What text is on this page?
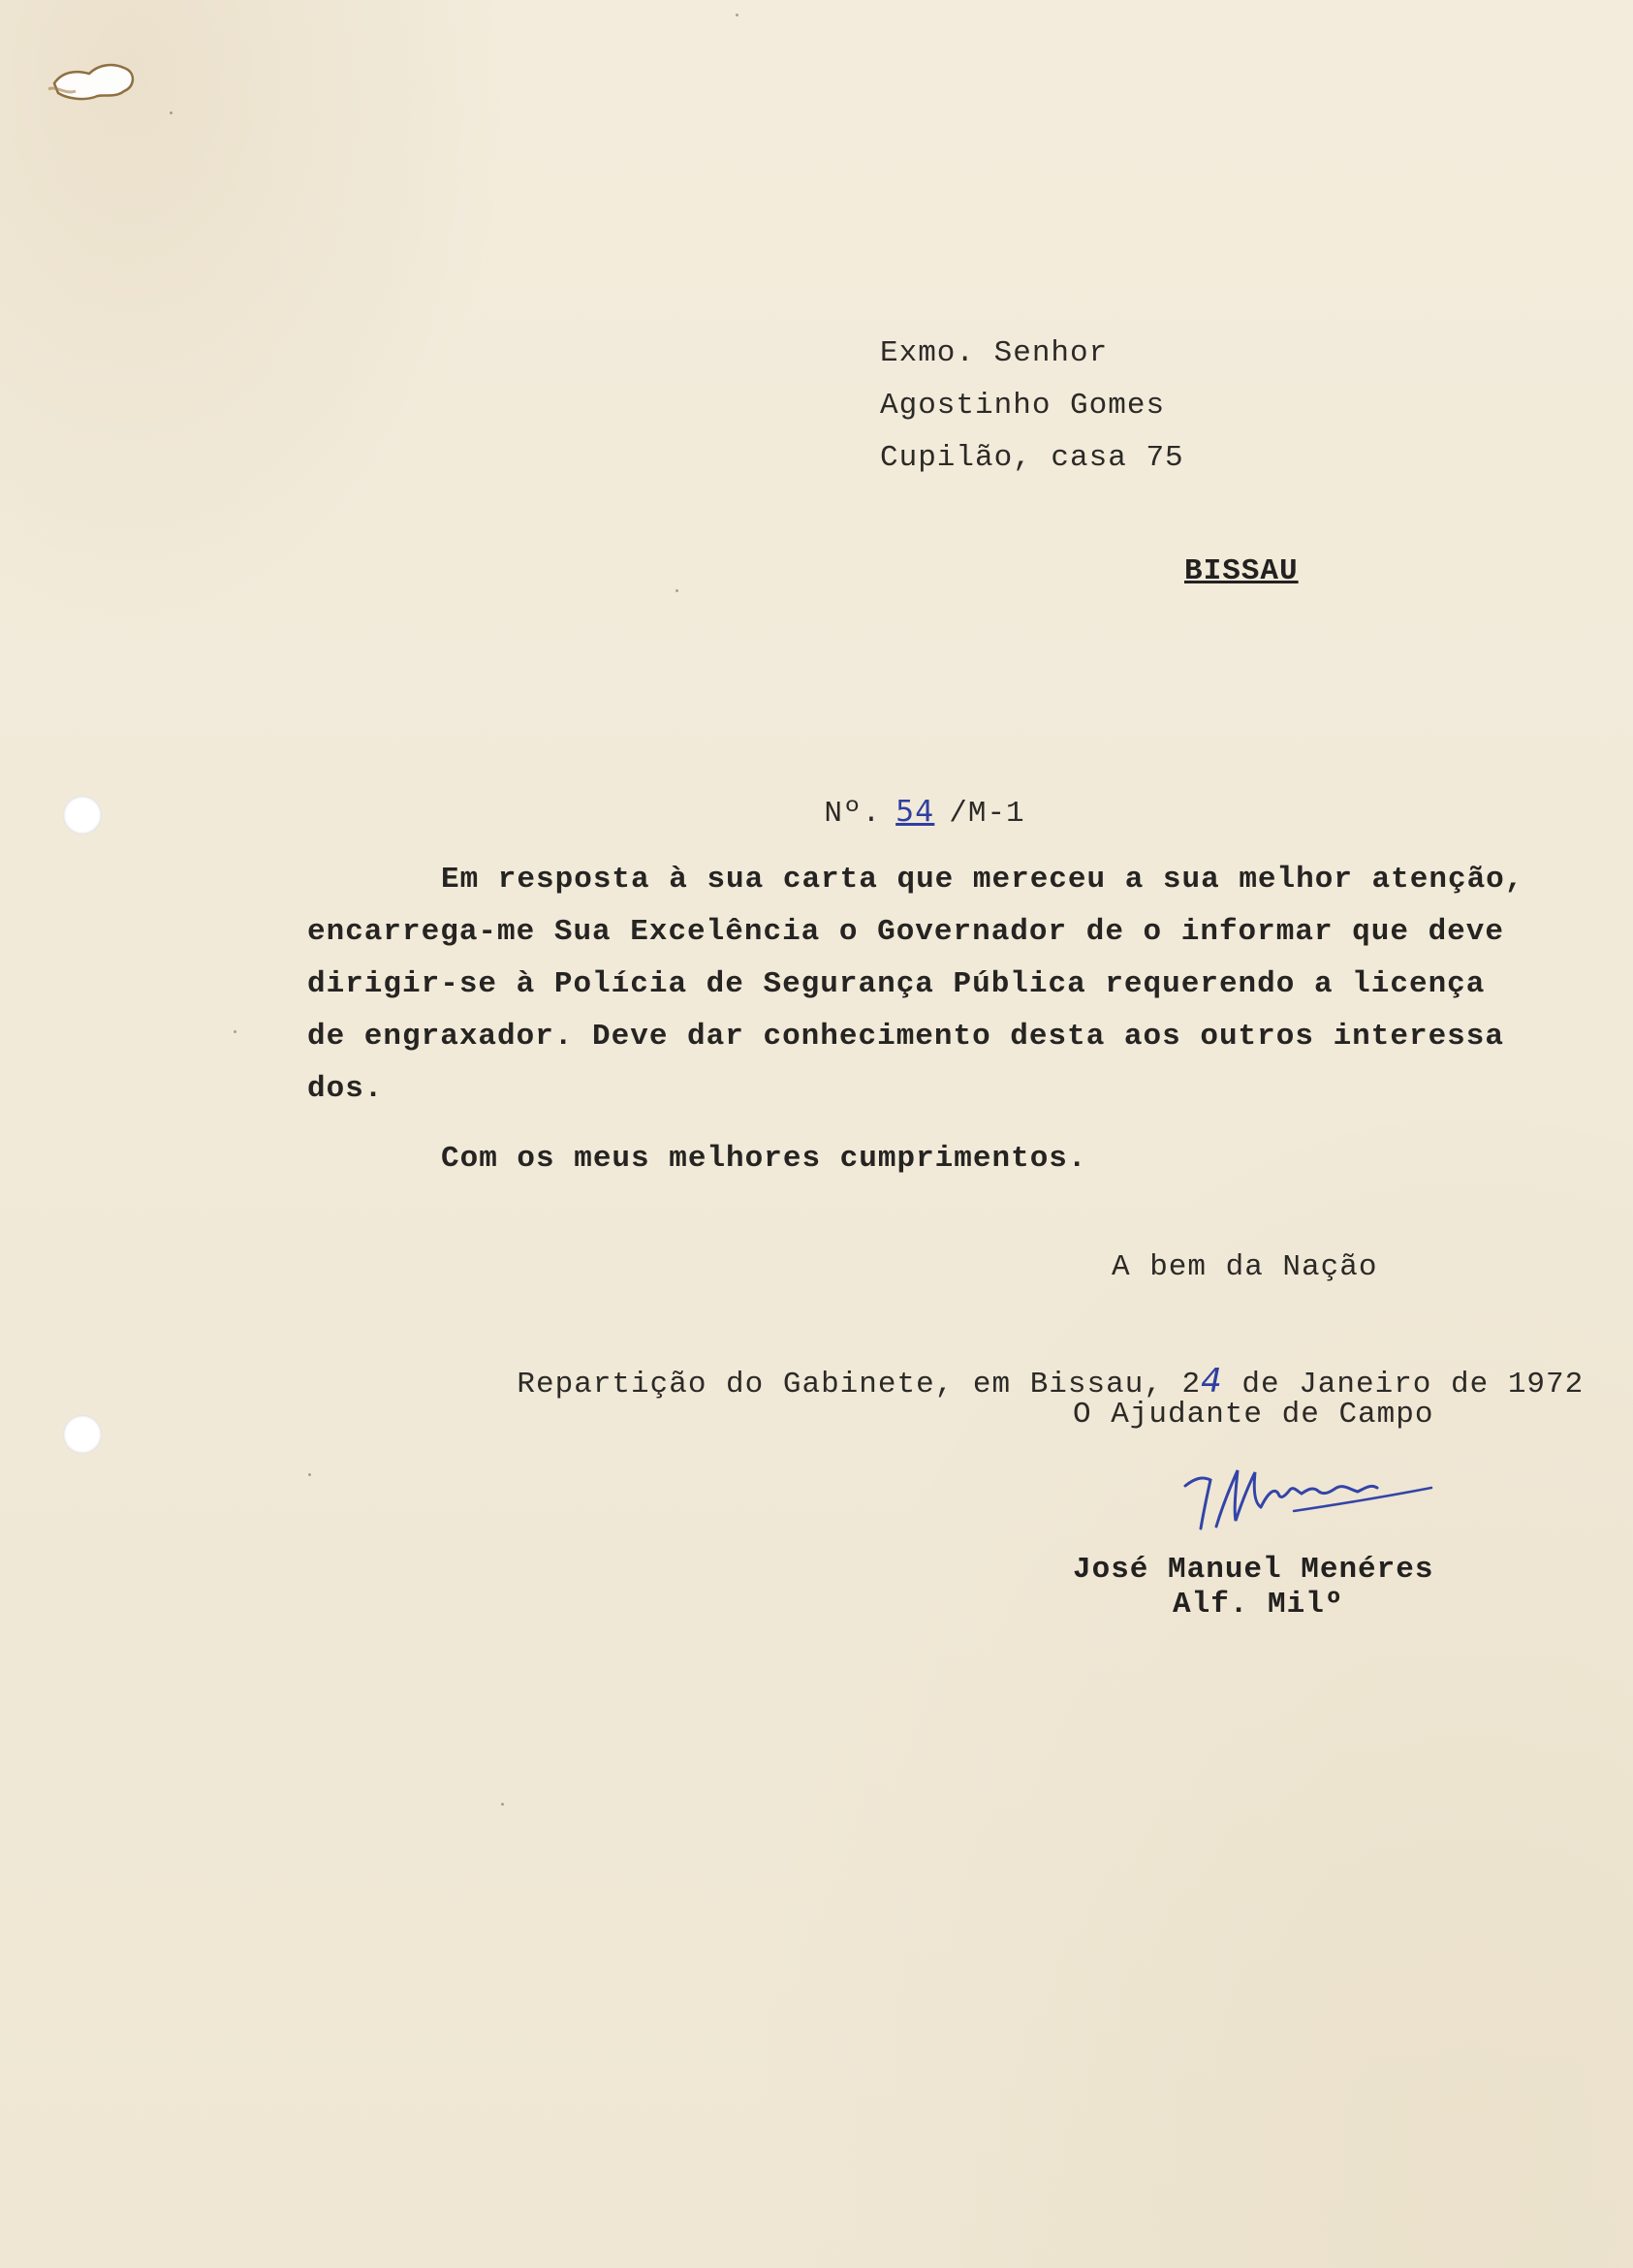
Exmo. Senhor
Agostinho Gomes
Cupilão, casa 75
BISSAU

Nº. 54 /M-1

Em resposta à sua carta que mereceu a sua melhor atenção,
encarrega-me Sua Excelência o Governador de o informar que deve
dirigir-se à Polícia de Segurança Pública requerendo a licença
de engraxador. Deve dar conhecimento desta aos outros interessa
dos.
Com os meus melhores cumprimentos.
A bem da Nação

Repartição do Gabinete, em Bissau, 24 de Janeiro de 1972

O Ajudante de Campo
José Manuel Menéres
Alf. Milº
